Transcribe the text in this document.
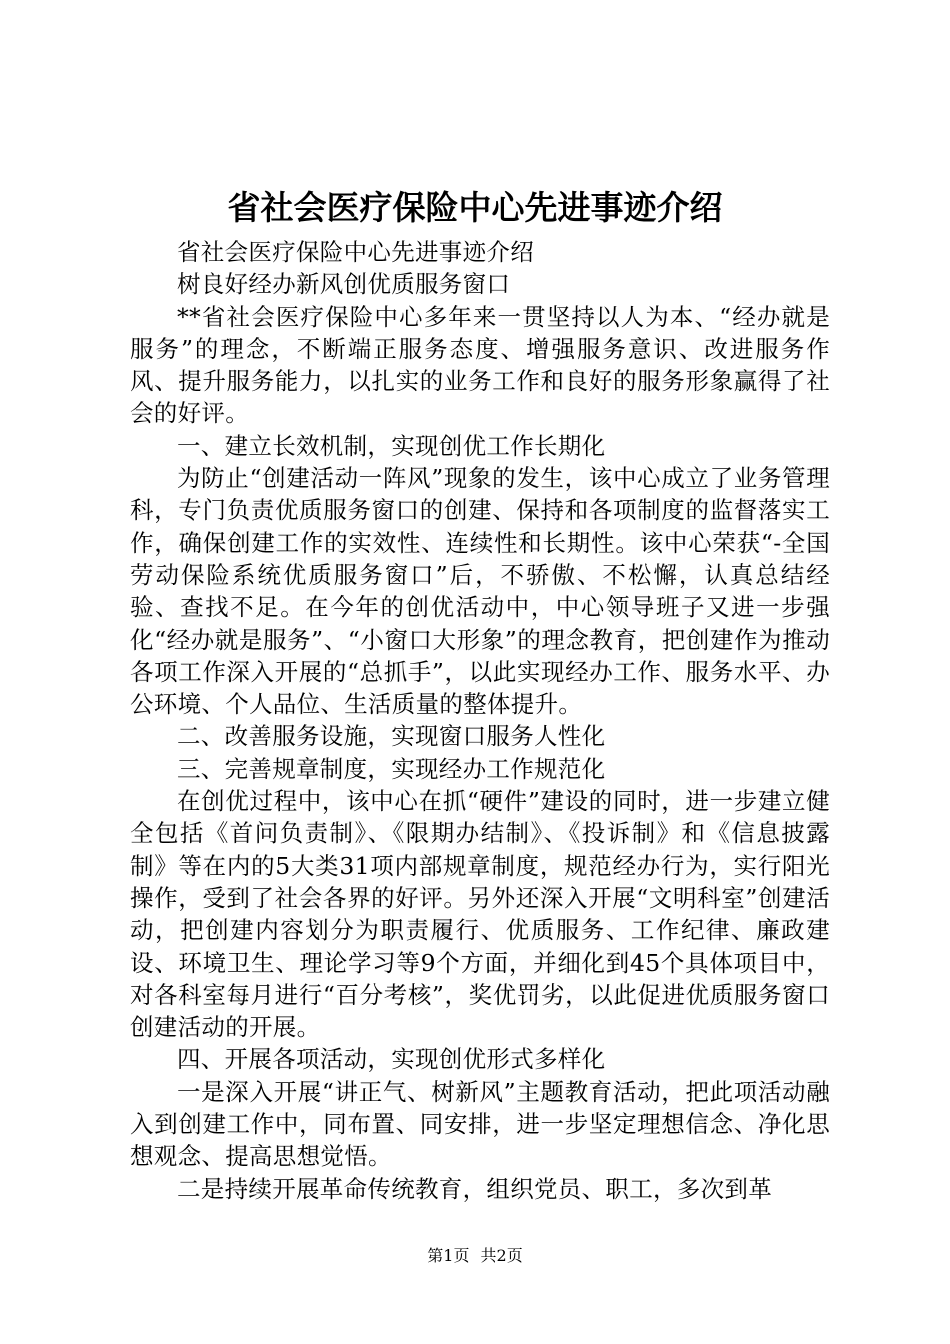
省社会医疗保险中心先进事迹介绍

省社会医疗保险中心先进事迹介绍

树良好经办新风创优质服务窗口

**省社会医疗保险中心多年来一贯坚持以人为本、“经办就是服务”的理念，不断端正服务态度、增强服务意识、改进服务作风、提升服务能力，以扎实的业务工作和良好的服务形象赢得了社会的好评。

一、建立长效机制，实现创优工作长期化

为防止“创建活动一阵风”现象的发生，该中心成立了业务管理科，专门负责优质服务窗口的创建、保持和各项制度的监督落实工作，确保创建工作的实效性、连续性和长期性。该中心荣获“-全国劳动保险系统优质服务窗口”后，不骄傲、不松懈，认真总结经验、查找不足。在今年的创优活动中，中心领导班子又进一步强化“经办就是服务”、“小窗口大形象”的理念教育，把创建作为推动各项工作深入开展的“总抓手”，以此实现经办工作、服务水平、办公环境、个人品位、生活质量的整体提升。

二、改善服务设施，实现窗口服务人性化

三、完善规章制度，实现经办工作规范化

在创优过程中，该中心在抓“硬件”建设的同时，进一步建立健全包括《首问负责制》、《限期办结制》、《投诉制》和《信息披露制》等在内的5大类31项内部规章制度，规范经办行为，实行阳光操作，受到了社会各界的好评。另外还深入开展“文明科室”创建活动，把创建内容划分为职责履行、优质服务、工作纪律、廉政建设、环境卫生、理论学习等9个方面，并细化到45个具体项目中，对各科室每月进行“百分考核”，奖优罚劣，以此促进优质服务窗口创建活动的开展。

四、开展各项活动，实现创优形式多样化

一是深入开展“讲正气、树新风”主题教育活动，把此项活动融入到创建工作中，同布置、同安排，进一步坚定理想信念、净化思想观念、提高思想觉悟。

二是持续开展革命传统教育，组织党员、职工，多次到革

第1页 共2页
